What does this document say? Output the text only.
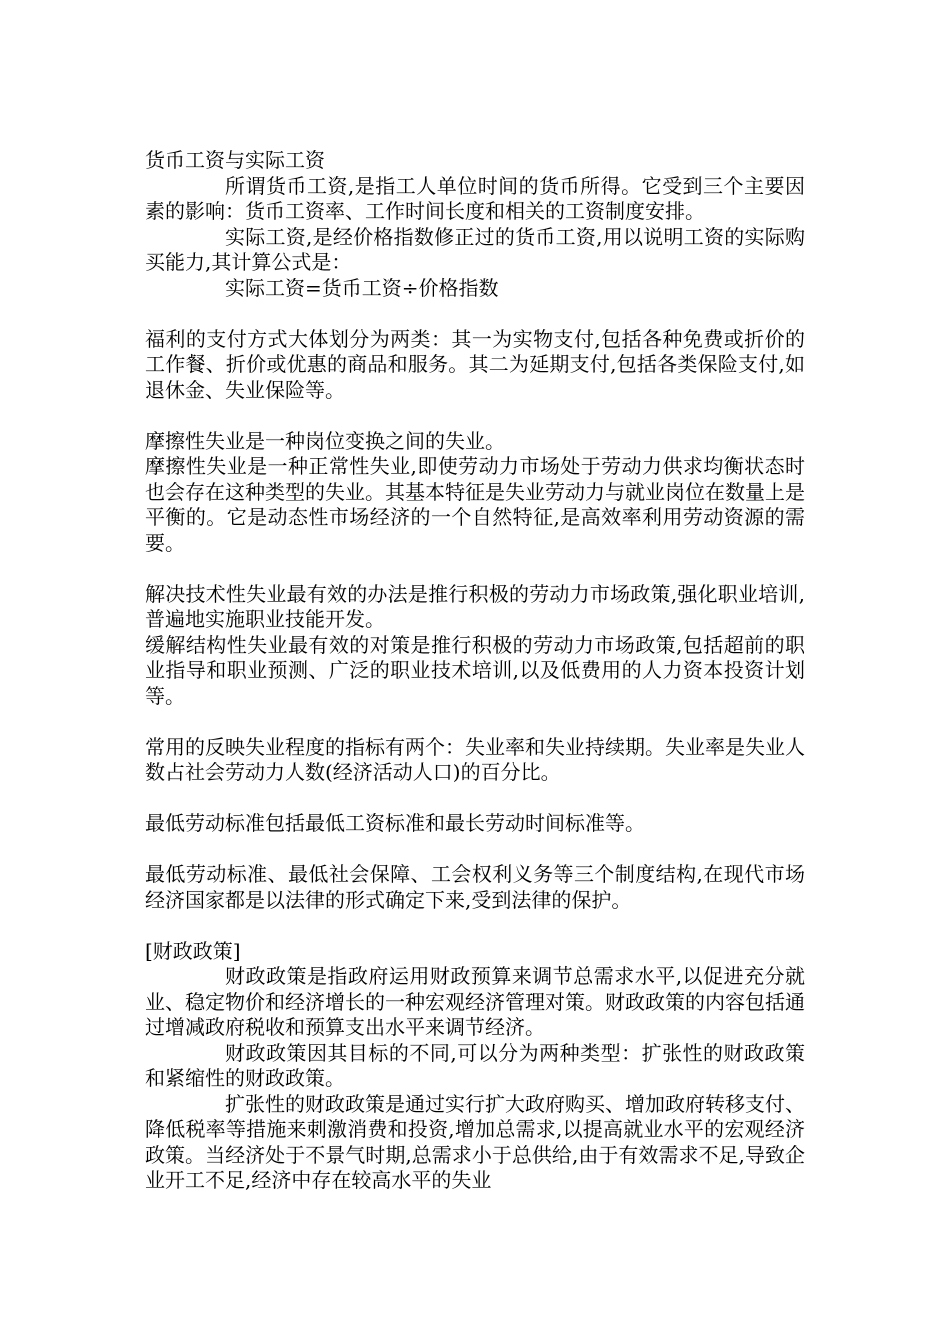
货币工资与实际工资

所谓货币工资,是指工人单位时间的货币所得。它受到三个主要因素的影响：货币工资率、工作时间长度和相关的工资制度安排。

实际工资,是经价格指数修正过的货币工资,用以说明工资的实际购买能力,其计算公式是：

实际工资=货币工资÷价格指数

福利的支付方式大体划分为两类：其一为实物支付,包括各种免费或折价的工作餐、折价或优惠的商品和服务。其二为延期支付,包括各类保险支付,如退休金、失业保险等。

摩擦性失业是一种岗位变换之间的失业。

摩擦性失业是一种正常性失业,即使劳动力市场处于劳动力供求均衡状态时也会存在这种类型的失业。其基本特征是失业劳动力与就业岗位在数量上是平衡的。它是动态性市场经济的一个自然特征,是高效率利用劳动资源的需要。

解决技术性失业最有效的办法是推行积极的劳动力市场政策,强化职业培训,普遍地实施职业技能开发。

缓解结构性失业最有效的对策是推行积极的劳动力市场政策,包括超前的职业指导和职业预测、广泛的职业技术培训,以及低费用的人力资本投资计划等。

常用的反映失业程度的指标有两个：失业率和失业持续期。失业率是失业人数占社会劳动力人数(经济活动人口)的百分比。

最低劳动标准包括最低工资标准和最长劳动时间标准等。

最低劳动标准、最低社会保障、工会权利义务等三个制度结构,在现代市场经济国家都是以法律的形式确定下来,受到法律的保护。

[财政政策]

财政政策是指政府运用财政预算来调节总需求水平,以促进充分就业、稳定物价和经济增长的一种宏观经济管理对策。财政政策的内容包括通过增减政府税收和预算支出水平来调节经济。

财政政策因其目标的不同,可以分为两种类型：扩张性的财政政策和紧缩性的财政政策。

扩张性的财政政策是通过实行扩大政府购买、增加政府转移支付、降低税率等措施来刺激消费和投资,增加总需求,以提高就业水平的宏观经济政策。当经济处于不景气时期,总需求小于总供给,由于有效需求不足,导致企业开工不足,经济中存在较高水平的失业
